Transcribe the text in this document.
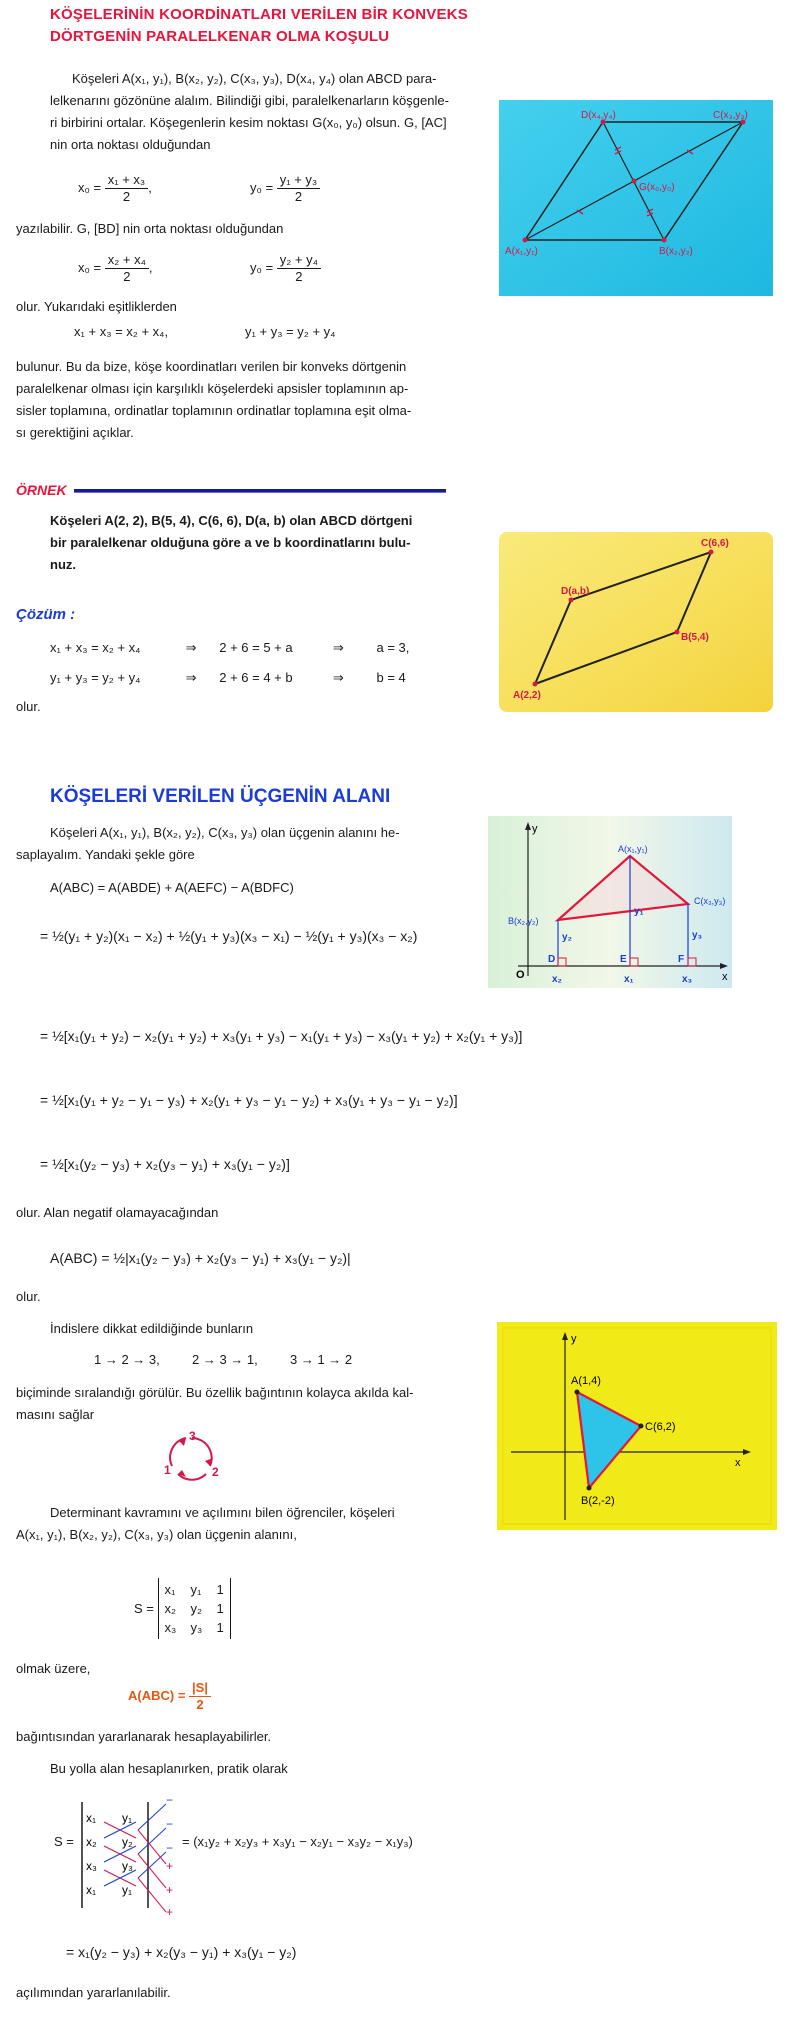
KÖŞELERİNİN KOORDİNATLARI VERİLEN BİR KONVEKS
DÖRTGENİN PARALELKENAR OLMA KOŞULU
Köşeleri A(x₁, y₁), B(x₂, y₂), C(x₃, y₃), D(x₄, y₄) olan ABCD para-
lelkenarını gözönüne alalım. Bilindiği gibi, paralelkenarların köşgenle-
ri birbirini ortalar. Köşegenlerin kesim noktası G(x₀, y₀) olsun. G, [AC]
nin orta noktası olduğundan
$x_0 = \frac{\text{x₁ + x₃}}{2}$ ,	$y_0 = \frac{\text{y₁ + y₃}}{2}$
yazılabilir. G, [BD] nin orta noktası olduğundan
$x_0 = \frac{\text{x₂ + x₄}}{2}$ ,	$y_0 = \frac{\text{y₂ + y₄}}{2}$
olur. Yukarıdaki eşitliklerden
x₁ + x₃ = x₂ + x₄,	y₁ + y₃ = y₂ + y₄
bulunur. Bu da bize, köşe koordinatları verilen bir konveks dörtgenin
paralelkenar olması için karşılıklı köşelerdeki apsisler toplamının ap-
sisler toplamına, ordinatlar toplamının ordinatlar toplamına eşit olma-
sı gerektiğini açıklar.
D(x₄,y₄)	C(x₃,y₃)
G(x₀,y₀)
A(x₁,y₁)	B(x₂,y₂)
ÖRNEK
Köşeleri A(2, 2), B(5, 4), C(6, 6), D(a, b) olan ABCD dörtgeni
bir paralelkenar olduğuna göre a ve b koordinatlarını bulu-
nuz.
Çözüm :
x₁ + x₃ = x₂ + x₄	⇒ 2 + 6 = 5 + a	⇒	a = 3,
y₁ + y₃ = y₂ + y₄	⇒ 2 + 6 = 4 + b	⇒	b = 4
olur.
C(6,6)
D(a,b)
B(5,4)
A(2,2)
KÖŞELERİ VERİLEN ÜÇGENİN ALANI
Köşeleri A(x₁, y₁), B(x₂, y₂), C(x₃, y₃) olan üçgenin alanını he-
saplayalım. Yandaki şekle göre
A(ABC) = A(ABDE) + A(AEFC) − A(BDFC)
= ½(y₁ + y₂)(x₁ − x₂) + ½(y₁ + y₃)(x₃ − x₁) − ½(y₁ + y₃)(x₃ − x₂)
= ½[x₁(y₁ + y₂) − x₂(y₁ + y₂) + x₃(y₁ + y₃) − x₁(y₁ + y₃) − x₃(y₁ + y₂) + x₂(y₁ + y₃)]
= ½[x₁(y₁ + y₂ − y₁ − y₃) + x₂(y₁ + y₃ − y₁ − y₂) + x₃(y₁ + y₃ − y₁ − y₂)]
= ½[x₁(y₂ − y₃) + x₂(y₃ − y₁) + x₃(y₁ − y₂)]
olur. Alan negatif olamayacağından
A(ABC) = ½|x₁(y₂ − y₃) + x₂(y₃ − y₁) + x₃(y₁ − y₂)|
olur.
İndislere dikkat edildiğinde bunların
1 → 2 → 3, 2 → 3 → 1, 3 → 1 → 2
biçiminde sıralandığı görülür. Bu özellik bağıntının kolayca akılda kal-
masını sağlar
3
1	2
Determinant kavramını ve açılımını bilen öğrenciler, köşeleri
A(x₁, y₁), B(x₂, y₂), C(x₃, y₃) olan üçgenin alanını,
S =
x₁ y₁ 1
x₂ y₂ 1
x₃ y₃ 1
olmak üzere,
$A(ABC) = \frac{|S|}{2}$
bağıntısından yararlanarak hesaplayabilirler.
Bu yolla alan hesaplanırken, pratik olarak
S =
x₁ y₁
x₂ y₂
x₃ y₃
x₁ y₁
−
−
−
+
+
+
= (x₁y₂ + x₂y₃ + x₃y₁ − x₂y₁ − x₃y₂ − x₁y₃)
= x₁(y₂ − y₃) + x₂(y₃ − y₁) + x₃(y₁ − y₂)
açılımından yararlanılabilir.
y
x
A(x₁,y₁)
B(x₂,y₂)
C(x₃,y₃)
O
D	E	F
y₁
y₂	y₃
x₂	x₁	x₃
y
x
A(1,4)
C(6,2)
B(2,-2)
